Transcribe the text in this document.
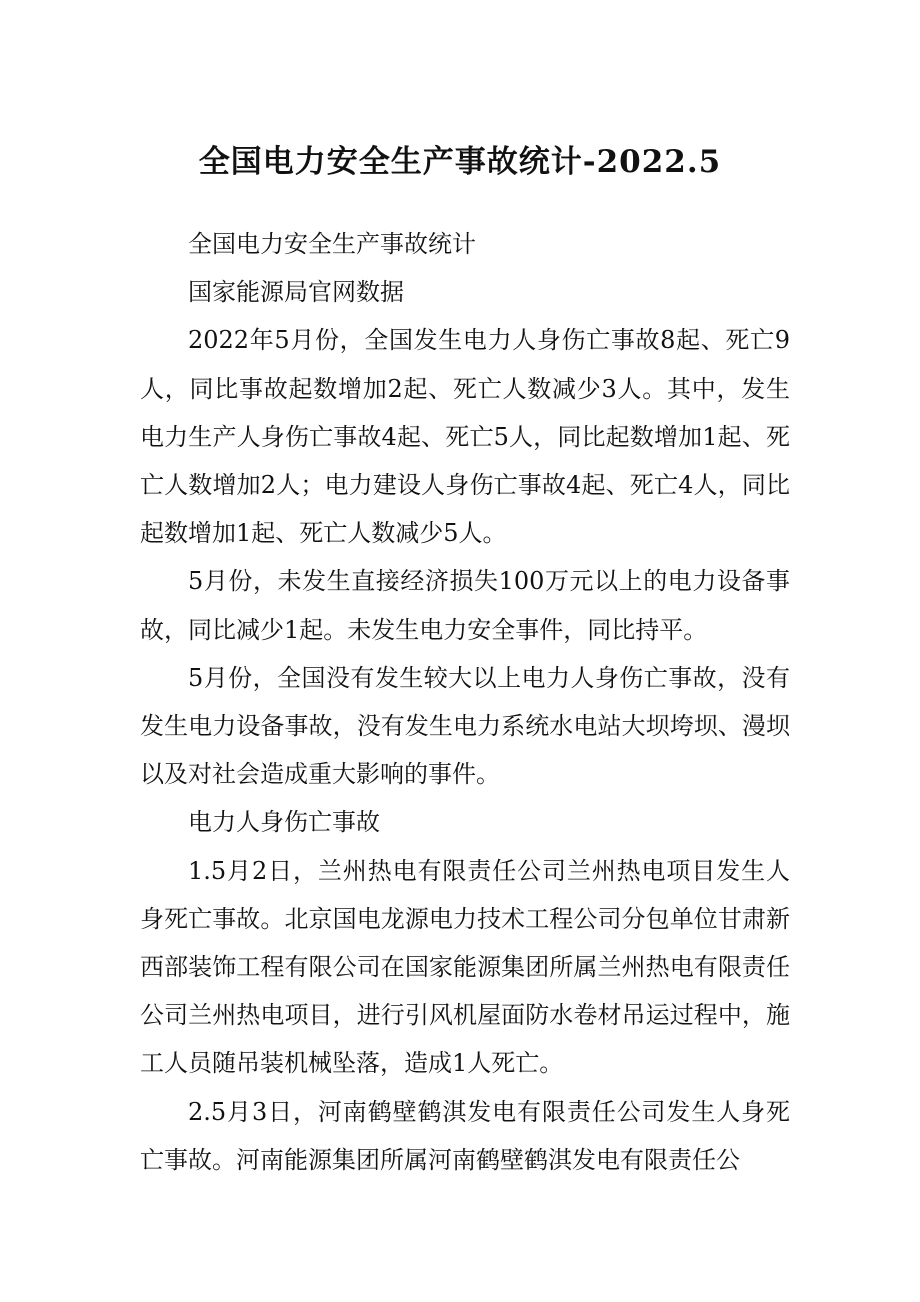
全国电力安全生产事故统计-2022.5

全国电力安全生产事故统计

国家能源局官网数据

2022年5月份，全国发生电力人身伤亡事故8起、死亡9人，同比事故起数增加2起、死亡人数减少3人。其中，发生电力生产人身伤亡事故4起、死亡5人，同比起数增加1起、死亡人数增加2人；电力建设人身伤亡事故4起、死亡4人，同比起数增加1起、死亡人数减少5人。

5月份，未发生直接经济损失100万元以上的电力设备事故，同比减少1起。未发生电力安全事件，同比持平。

5月份，全国没有发生较大以上电力人身伤亡事故，没有发生电力设备事故，没有发生电力系统水电站大坝垮坝、漫坝以及对社会造成重大影响的事件。

电力人身伤亡事故

1.5月2日，兰州热电有限责任公司兰州热电项目发生人身死亡事故。北京国电龙源电力技术工程公司分包单位甘肃新西部装饰工程有限公司在国家能源集团所属兰州热电有限责任公司兰州热电项目，进行引风机屋面防水卷材吊运过程中，施工人员随吊装机械坠落，造成1人死亡。

2.5月3日，河南鹤壁鹤淇发电有限责任公司发生人身死亡事故。河南能源集团所属河南鹤壁鹤淇发电有限责任公
